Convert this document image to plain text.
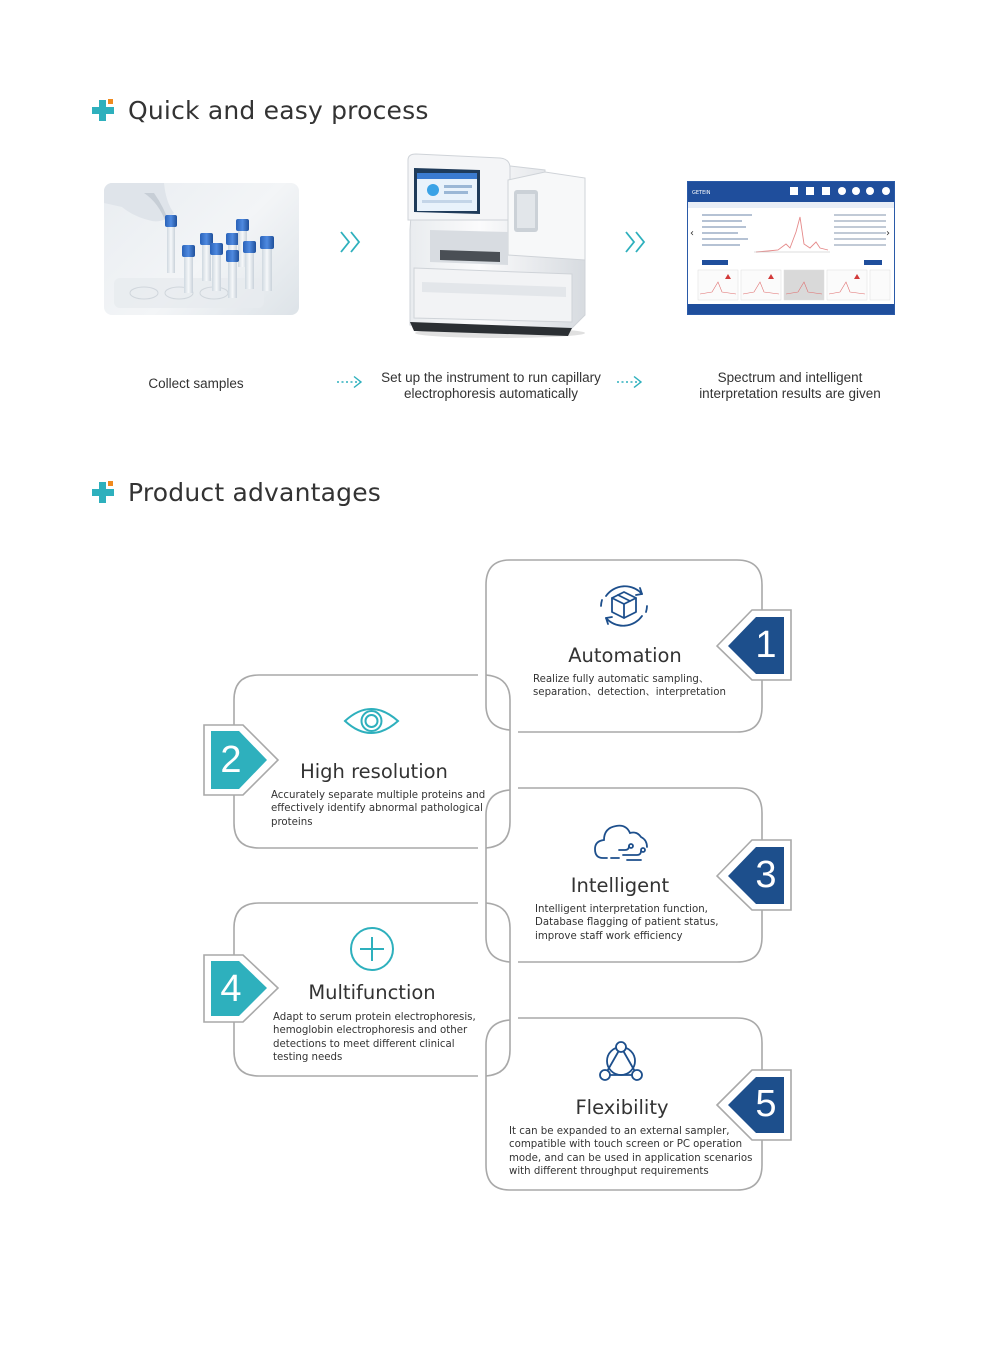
Quick and easy process
GETEIN
‹	›
Collect samples	Set up the instrument to run capillary electrophoresis automatically
Spectrum and intelligent interpretation results are given
Product advantages
1
2
3
4
5
Automation
Realize fully automatic sampling、
separation、detection、interpretation
High resolution
Accurately separate multiple proteins and
effectively identify abnormal pathological
proteins
Intelligent
Intelligent interpretation function,
Database flagging of patient status,
improve staff work efficiency
Multifunction
Adapt to serum protein electrophoresis,
hemoglobin electrophoresis and other
detections to meet different clinical
testing needs
Flexibility
It can be expanded to an external sampler,
compatible with touch screen or PC operation
mode, and can be used in application scenarios
with different throughput requirements
